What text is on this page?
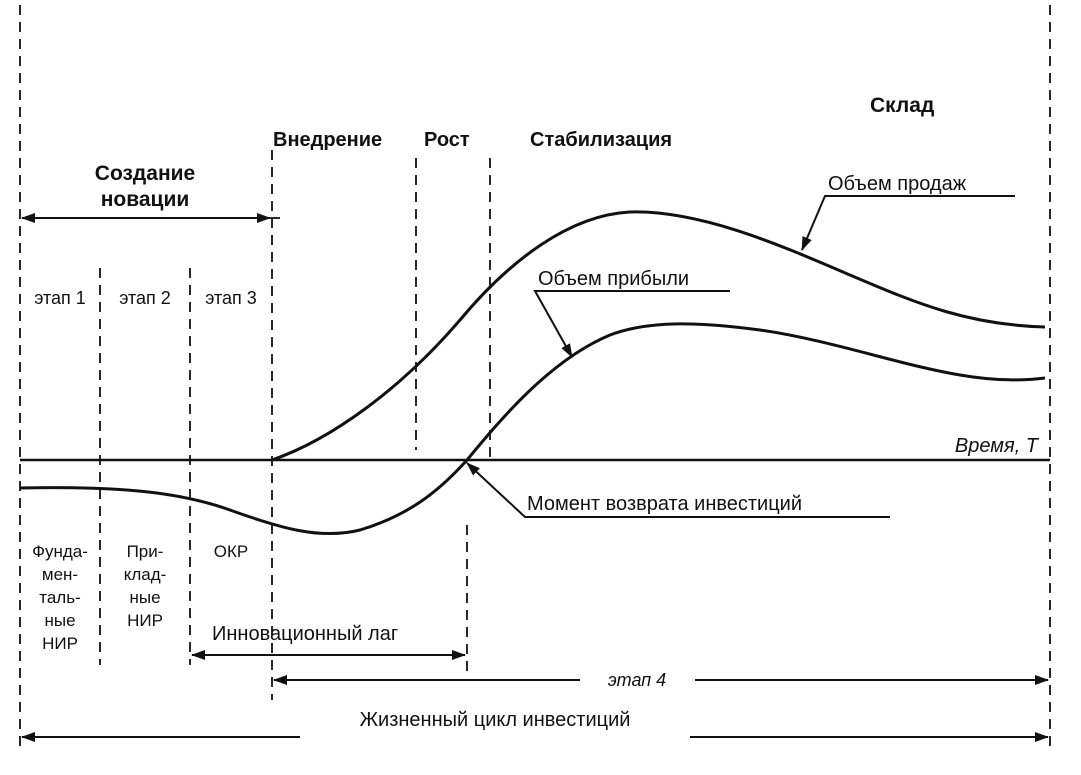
Создание
новации
Внедрение Рост	Стабилизация
Склад
этап 1 этап 2 этап 3
этап 4
Фунда-
мен-
таль-
ные
НИР
При-
клад-
ные
НИР
ОКР
Объем продаж
Объем прибыли
Время, Т
Момент возврата инвестиций
Инновационный лаг
Жизненный цикл инвестиций
